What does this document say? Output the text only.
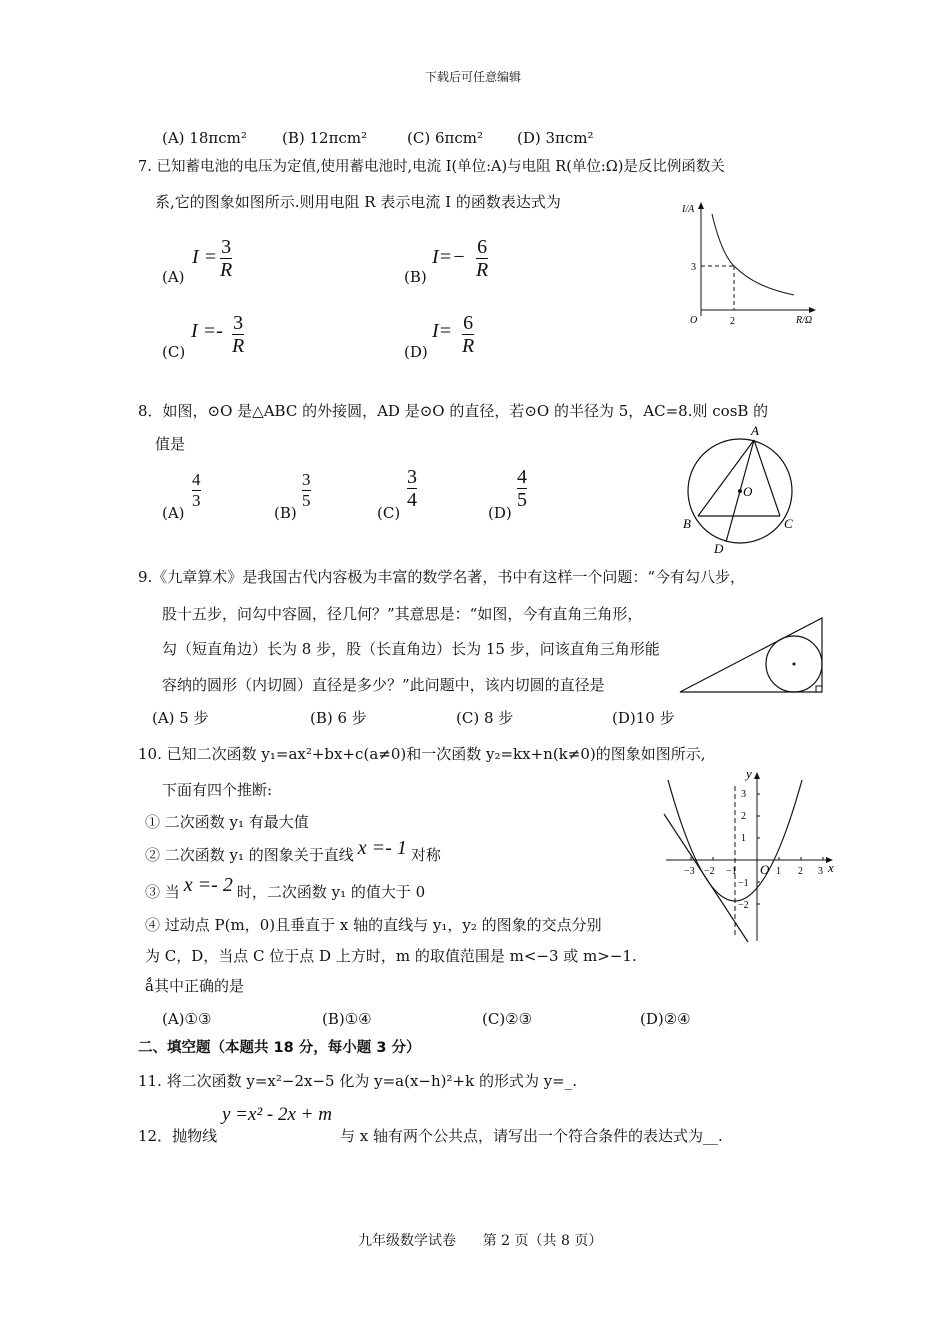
下载后可任意编辑
(A) 18πcm² (B) 12πcm²	(C) 6πcm² (D) 3πcm²
7. 已知蓄电池的电压为定值,使用蓄电池时,电流 I(单位:A)与电阻 R(单位:Ω)是反比例函数关
系,它的图象如图所示.则用电阻 R 表示电流 I 的函数表达式为
(A)
I = 3
R	(B)
I=− 6
R
(C)
I =- 3
R	(D)
I= 6
R
I/A
R/Ω
O
3
2
8．如图，⊙O 是△ABC 的外接圆，AD 是⊙O 的直径，若⊙O 的半径为 5，AC=8.则 cosB 的
值是
(A)
4
3
(B)
3
5
(C)
3
4
(D)
4
5
A
O
B	C
D
9.《九章算术》是我国古代内容极为丰富的数学名著，书中有这样一个问题：“今有勾八步，
股十五步，问勾中容圆，径几何？”其意思是：“如图，今有直角三角形，
勾（短直角边）长为 8 步，股（长直角边）长为 15 步，问该直角三角形能
容纳的圆形（内切圆）直径是多少？”此问题中，该内切圆的直径是
(A) 5 步	(B) 6 步	(C) 8 步	(D)10 步
10. 已知二次函数 y₁=ax²+bx+c(a≠0)和一次函数 y₂=kx+n(k≠0)的图象如图所示,
下面有四个推断:
① 二次函数 y₁ 有最大值
② 二次函数 y₁ 的图象关于直线 x =- 1 对称
③ 当 x =- 2 时，二次函数 y₁ 的值大于 0
④ 过动点 P(m，0)且垂直于 x 轴的直线与 y₁，y₂ 的图象的交点分别
为 C，D，当点 C 位于点 D 上方时，m 的取值范围是 m<−3 或 m>−1.
ǻ其中正确的是
(A)①③	(B)①④	(C)②③	(D)②④
−3 −2 −1	1 2 3
3
2
1
−1
−2
O	x
y
二、填空题（本题共 18 分，每小题 3 分）
11. 将二次函数 y=x²−2x−5 化为 y=a(x−h)²+k 的形式为 y=_.
12．抛物线
y =x² - 2x + m
与 x 轴有两个公共点，请写出一个符合条件的表达式为__.
九年级数学试卷      第 2 页（共 8 页）
